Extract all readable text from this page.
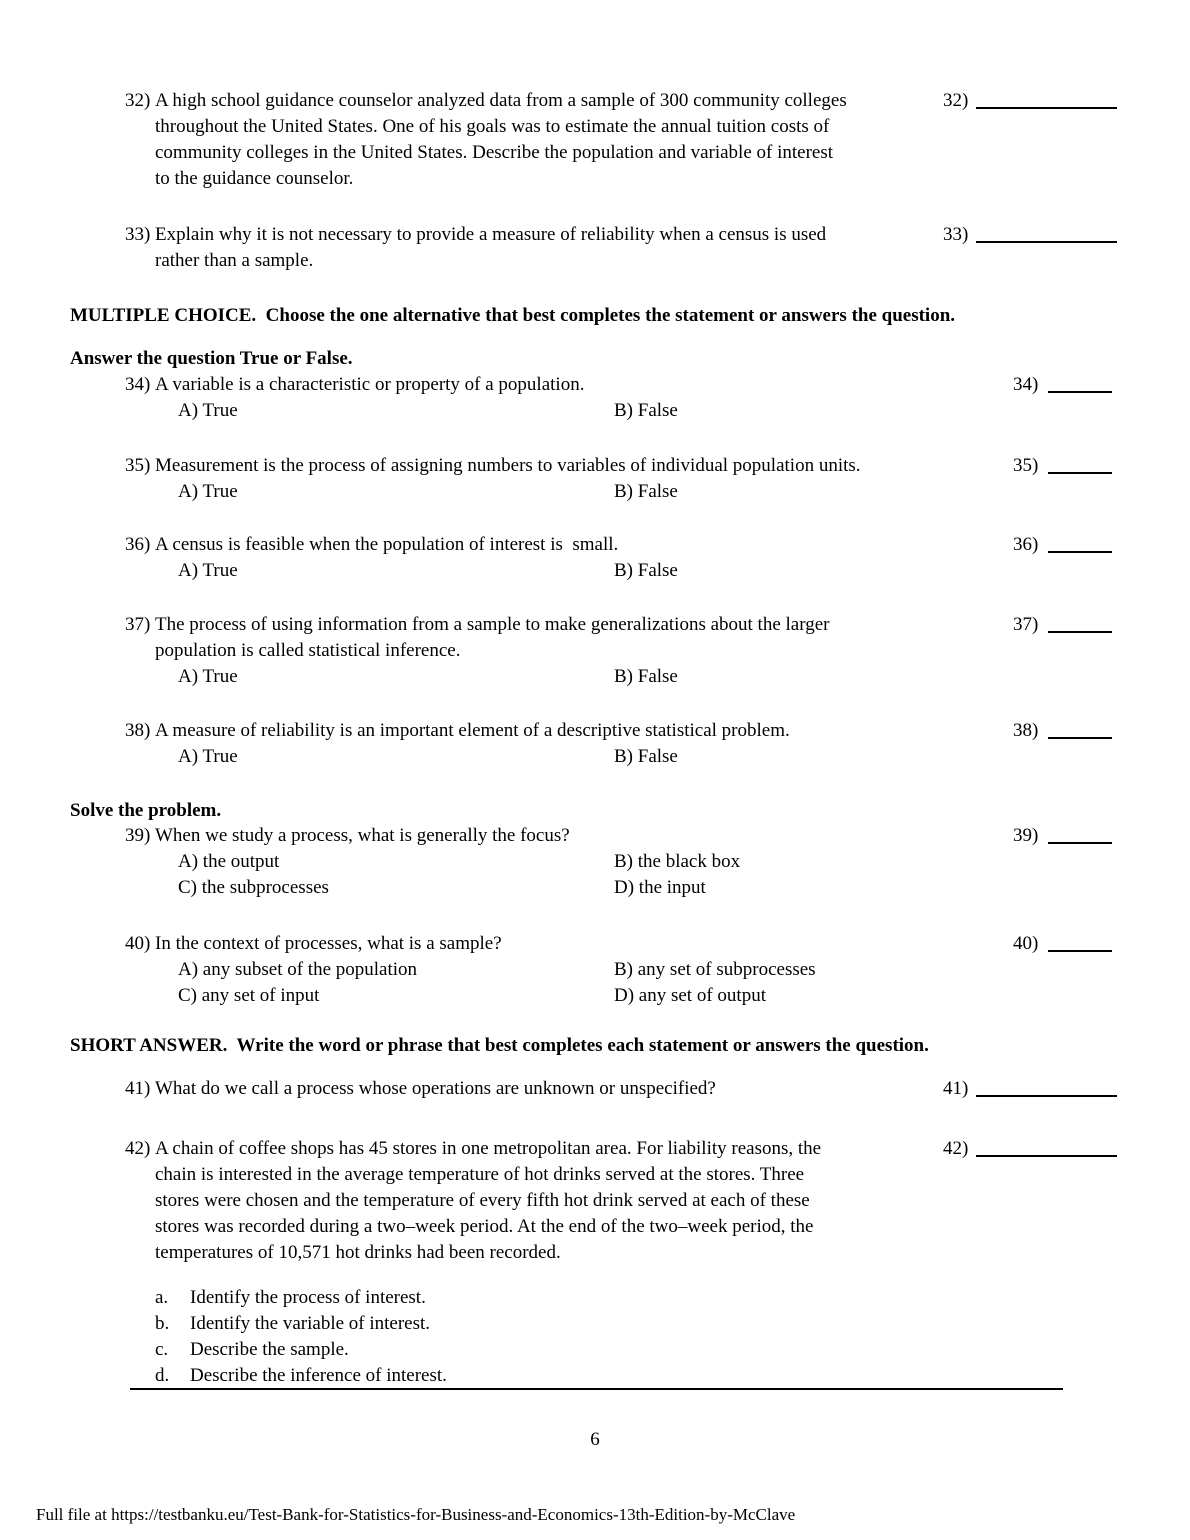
32) A high school guidance counselor analyzed data from a sample of 300 community colleges
throughout the United States. One of his goals was to estimate the annual tuition costs of
community colleges in the United States. Describe the population and variable of interest
to the guidance counselor.
32)
33) Explain why it is not necessary to provide a measure of reliability when a census is used
rather than a sample.
33)
MULTIPLE CHOICE.  Choose the one alternative that best completes the statement or answers the question.
Answer the question True or False.
34) A variable is a characteristic or property of a population.
A) True	B) False
34)
35) Measurement is the process of assigning numbers to variables of individual population units.
A) True	B) False
35)
36) A census is feasible when the population of interest is  small.
A) True	B) False
36)
37) The process of using information from a sample to make generalizations about the larger
population is called statistical inference.
A) True	B) False
37)
38) A measure of reliability is an important element of a descriptive statistical problem.
A) True	B) False
38)
Solve the problem.
39) When we study a process, what is generally the focus?
A) the output	B) the black box
C) the subprocesses	D) the input
39)
40) In the context of processes, what is a sample?
A) any subset of the population	B) any set of subprocesses
C) any set of input	D) any set of output
40)
SHORT ANSWER.  Write the word or phrase that best completes each statement or answers the question.
41) What do we call a process whose operations are unknown or unspecified?	41)
42) A chain of coffee shops has 45 stores in one metropolitan area. For liability reasons, the
chain is interested in the average temperature of hot drinks served at the stores. Three
stores were chosen and the temperature of every fifth hot drink served at each of these
stores was recorded during a two–week period. At the end of the two–week period, the
temperatures of 10,571 hot drinks had been recorded.
a. Identify the process of interest.
b. Identify the variable of interest.
c. Describe the sample.
d. Describe the inference of interest.
42)
6
Full file at https://testbanku.eu/Test-Bank-for-Statistics-for-Business-and-Economics-13th-Edition-by-McClave
